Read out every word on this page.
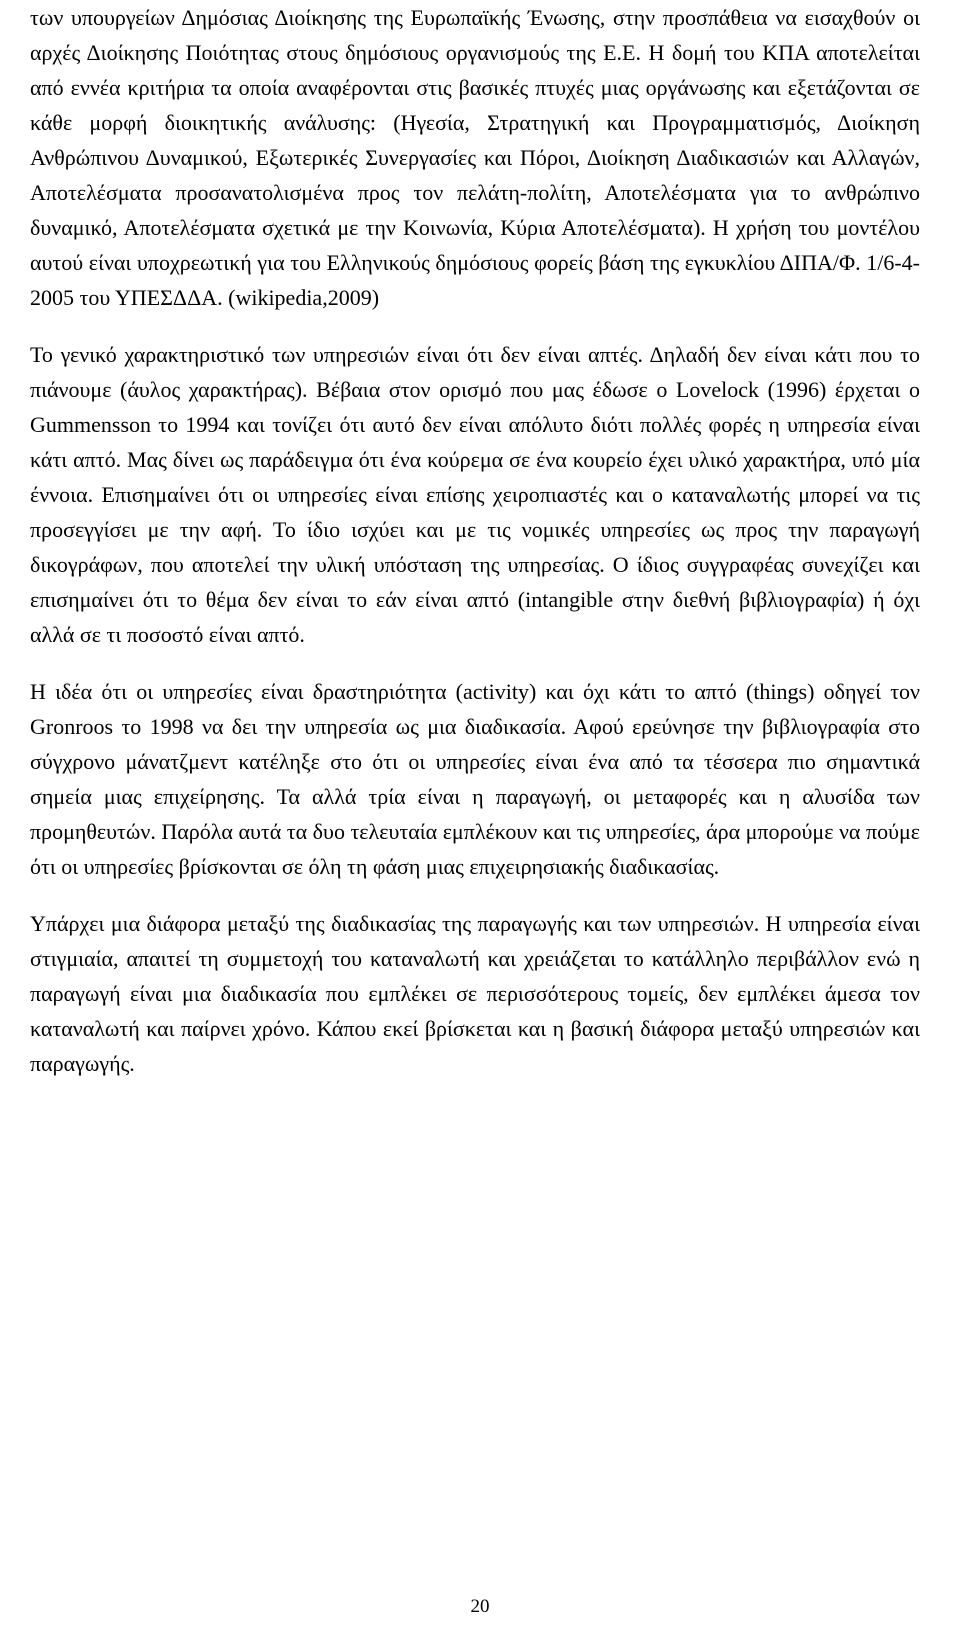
των υπουργείων Δημόσιας Διοίκησης της Ευρωπαϊκής Ένωσης, στην προσπάθεια να εισαχθούν οι αρχές Διοίκησης Ποιότητας στους δημόσιους οργανισμούς της Ε.Ε. Η δομή του ΚΠΑ αποτελείται από εννέα κριτήρια τα οποία αναφέρονται στις βασικές πτυχές μιας οργάνωσης και εξετάζονται σε κάθε μορφή διοικητικής ανάλυσης: (Ηγεσία, Στρατηγική και Προγραμματισμός, Διοίκηση Ανθρώπινου Δυναμικού, Εξωτερικές Συνεργασίες και Πόροι, Διοίκηση Διαδικασιών και Αλλαγών, Αποτελέσματα προσανατολισμένα προς τον πελάτη-πολίτη, Αποτελέσματα για το ανθρώπινο δυναμικό, Αποτελέσματα σχετικά με την Κοινωνία, Κύρια Αποτελέσματα). Η χρήση του μοντέλου αυτού είναι υποχρεωτική για του Ελληνικούς δημόσιους φορείς βάση της εγκυκλίου ΔΙΠΑ/Φ. 1/6-4-2005 του ΥΠΕΣΔΔΑ. (wikipedia,2009)

Το γενικό χαρακτηριστικό των υπηρεσιών είναι ότι δεν είναι απτές. Δηλαδή δεν είναι κάτι που το πιάνουμε (άυλος χαρακτήρας). Βέβαια στον ορισμό που μας έδωσε ο Lovelock (1996) έρχεται ο Gummensson το 1994 και τονίζει ότι αυτό δεν είναι απόλυτο διότι πολλές φορές η υπηρεσία είναι κάτι απτό. Μας δίνει ως παράδειγμα ότι ένα κούρεμα σε ένα κουρείο έχει υλικό χαρακτήρα, υπό μία έννοια. Επισημαίνει ότι οι υπηρεσίες είναι επίσης χειροπιαστές και ο καταναλωτής μπορεί να τις προσεγγίσει με την αφή. Το ίδιο ισχύει και με τις νομικές υπηρεσίες ως προς την παραγωγή δικογράφων, που αποτελεί την υλική υπόσταση της υπηρεσίας. Ο ίδιος συγγραφέας συνεχίζει και επισημαίνει ότι το θέμα δεν είναι το εάν είναι απτό (intangible στην διεθνή βιβλιογραφία) ή όχι αλλά σε τι ποσοστό είναι απτό.

Η ιδέα ότι οι υπηρεσίες είναι δραστηριότητα (activity) και όχι κάτι το απτό (things) οδηγεί τον Gronroos το 1998 να δει την υπηρεσία ως μια διαδικασία. Αφού ερεύνησε την βιβλιογραφία στο σύγχρονο μάνατζμεντ κατέληξε στο ότι οι υπηρεσίες είναι ένα από τα τέσσερα πιο σημαντικά σημεία μιας επιχείρησης. Τα αλλά τρία είναι η παραγωγή, οι μεταφορές και η αλυσίδα των προμηθευτών. Παρόλα αυτά τα δυο τελευταία εμπλέκουν και τις υπηρεσίες, άρα μπορούμε να πούμε ότι οι υπηρεσίες βρίσκονται σε όλη τη φάση μιας επιχειρησιακής διαδικασίας.

Υπάρχει μια διάφορα μεταξύ της διαδικασίας της παραγωγής και των υπηρεσιών. Η υπηρεσία είναι στιγμιαία, απαιτεί τη συμμετοχή του καταναλωτή και χρειάζεται το κατάλληλο περιβάλλον ενώ η παραγωγή είναι μια διαδικασία που εμπλέκει σε περισσότερους τομείς, δεν εμπλέκει άμεσα τον καταναλωτή και παίρνει χρόνο. Κάπου εκεί βρίσκεται και η βασική διάφορα μεταξύ υπηρεσιών και παραγωγής.

20
